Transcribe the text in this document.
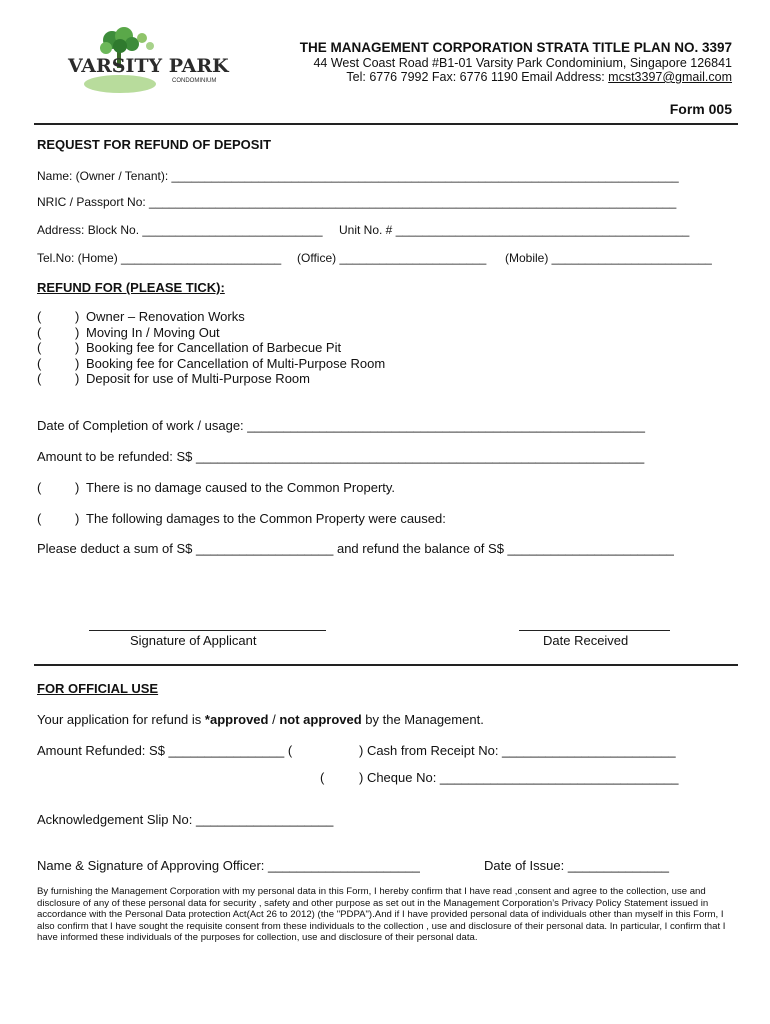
VARSITY PARK
CONDOMINIUM
THE MANAGEMENT CORPORATION STRATA TITLE PLAN NO. 3397
44 West Coast Road #B1-01 Varsity Park Condominium, Singapore 126841
Tel: 6776 7992 Fax: 6776 1190 Email Address: mcst3397@gmail.com
Form 005
REQUEST FOR REFUND OF DEPOSIT
Name: (Owner / Tenant): ____________________________________________________________________________
NRIC / Passport No: _______________________________________________________________________________
Address: Block No. ___________________________ Unit No. # ____________________________________________
Tel.No: (Home) ________________________ (Office) ______________________ (Mobile) ________________________
REFUND FOR (PLEASE TICK):
(	) Owner – Renovation Works
(	) Moving In / Moving Out
(	) Booking fee for Cancellation of Barbecue Pit
(	) Booking fee for Cancellation of Multi-Purpose Room
(	) Deposit for use of Multi-Purpose Room
Date of Completion of work / usage: _______________________________________________________
Amount to be refunded: S$ ______________________________________________________________
(	) There is no damage caused to the Common Property.
(	) The following damages to the Common Property were caused:
Please deduct a sum of S$ ___________________ and refund the balance of S$ _______________________
Signature of Applicant	Date Received
FOR OFFICIAL USE
Your application for refund is *approved / not approved by the Management.
Amount Refunded: S$ ________________ (	) Cash from Receipt No: ________________________
(	) Cheque No: _________________________________
Acknowledgement Slip No: ___________________
Name & Signature of Approving Officer: _____________________	Date of Issue: ______________
By furnishing the Management Corporation with my personal data in this Form, I hereby confirm that I have read ,consent and agree to the collection, use and disclosure of any of these personal data for security , safety and other purpose as set out in the Management Corporation’s Privacy Policy Statement issued in accordance with the Personal Data protection Act(Act 26 to 2012) (the "PDPA").And if I have provided personal data of individuals other than myself in this Form, I also confirm that I have sought the requisite consent from these individuals to the collection , use and disclosure of their personal data. In particular, I confirm that I have informed these individuals of the purposes for collection, use and disclosure of their personal data.
